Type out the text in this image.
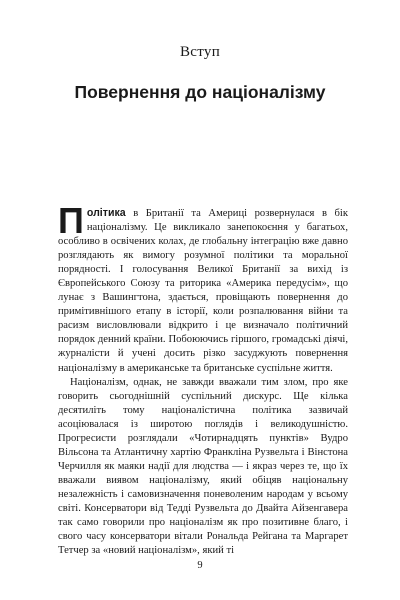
Вступ
Повернення до націоналізму

Політика в Британії та Америці розвернулася в бік націоналізму. Це викликало занепокоєння у багатьох, особливо в освічених колах, де глобальну інтеграцію вже давно розглядають як вимогу розумної політики та моральної порядності. І голосування Великої Британії за вихід із Європейського Союзу та риторика «Америка передусім», що лунає з Вашингтона, здається, провіщають повернення до примітивнішого етапу в історії, коли розпалювання війни та расизм висловлювали відкрито і це визначало політичний порядок денний країни. Побоюючись гіршого, громадські діячі, журналісти й учені досить різко засуджують повернення націоналізму в американське та британське суспільне життя.

Націоналізм, однак, не завжди вважали тим злом, про яке говорить сьогоднішній суспільний дискурс. Ще кілька десятиліть тому націоналістична політика зазвичай асоціювалася із широтою поглядів і великодушністю. Прогресисти розглядали «Чотирнадцять пунктів» Вудро Вільсона та Атлантичну хартію Франкліна Рузвельта і Вінстона Черчилля як маяки надії для людства — і якраз через те, що їх вважали виявом націоналізму, який обіцяв національну незалежність і самовизначення поневоленим народам у всьому світі. Консерватори від Тедді Рузвельта до Двайта Айзенгавера так само говорили про націоналізм як про позитивне благо, і свого часу консерватори вітали Рональда Рейгана та Маргарет Тетчер за «новий націоналізм», який ті

9
